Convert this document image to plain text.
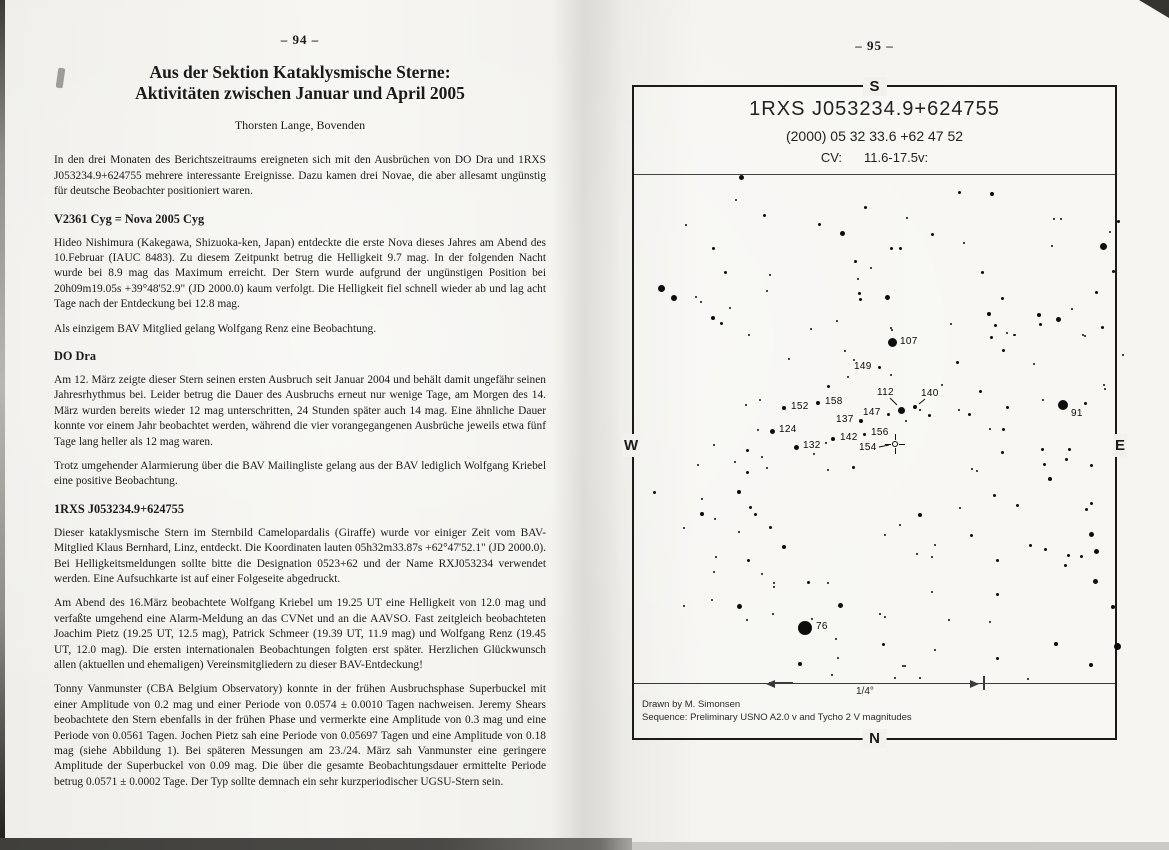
– 94 –
Aus der Sektion Kataklysmische Sterne:
Aktivitäten zwischen Januar und April 2005
Thorsten Lange, Bovenden

In den drei Monaten des Berichtszeitraums ereigneten sich mit den Ausbrüchen von DO Dra und 1RXS J053234.9+624755 mehrere interessante Ereignisse. Dazu kamen drei Novae, die aber allesamt ungünstig für deutsche Beobachter positioniert waren.

V2361 Cyg = Nova 2005 Cyg

Hideo Nishimura (Kakegawa, Shizuoka-ken, Japan) entdeckte die erste Nova dieses Jahres am Abend des 10.Februar (IAUC 8483). Zu diesem Zeitpunkt betrug die Helligkeit 9.7 mag. In der folgenden Nacht wurde bei 8.9 mag das Maximum erreicht. Der Stern wurde aufgrund der ungünstigen Position bei 20h09m19.05s +39°48'52.9" (JD 2000.0) kaum verfolgt. Die Helligkeit fiel schnell wieder ab und lag acht Tage nach der Entdeckung bei 12.8 mag.

Als einzigem BAV Mitglied gelang Wolfgang Renz eine Beobachtung.

DO Dra

Am 12. März zeigte dieser Stern seinen ersten Ausbruch seit Januar 2004 und behält damit ungefähr seinen Jahresrhythmus bei. Leider betrug die Dauer des Ausbruchs erneut nur wenige Tage, am Morgen des 14. März wurden bereits wieder 12 mag unterschritten, 24 Stunden später auch 14 mag. Eine ähnliche Dauer konnte vor einem Jahr beobachtet werden, während die vier vorangegangenen Ausbrüche jeweils etwa fünf Tage lang heller als 12 mag waren.

Trotz umgehender Alarmierung über die BAV Mailingliste gelang aus der BAV lediglich Wolfgang Kriebel eine positive Beobachtung.

1RXS J053234.9+624755

Dieser kataklysmische Stern im Sternbild Camelopardalis (Giraffe) wurde vor einiger Zeit vom BAV-Mitglied Klaus Bernhard, Linz, entdeckt. Die Koordinaten lauten 05h32m33.87s +62°47'52.1" (JD 2000.0). Bei Helligkeitsmeldungen sollte bitte die Designation 0523+62 und der Name RXJ053234 verwendet werden. Eine Aufsuchkarte ist auf einer Folgeseite abgedruckt.

Am Abend des 16.März beobachtete Wolfgang Kriebel um 19.25 UT eine Helligkeit von 12.0 mag und verfaßte umgehend eine Alarm-Meldung an das CVNet und an die AAVSO. Fast zeitgleich beobachteten Joachim Pietz (19.25 UT, 12.5 mag), Patrick Schmeer (19.39 UT, 11.9 mag) und Wolfgang Renz (19.45 UT, 12.0 mag). Die ersten internationalen Beobachtungen folgten erst später. Herzlichen Glückwunsch allen (aktuellen und ehemaligen) Vereinsmitgliedern zu dieser BAV-Entdeckung!

Tonny Vanmunster (CBA Belgium Observatory) konnte in der frühen Ausbruchsphase Superbuckel mit einer Amplitude von 0.2 mag und einer Periode von 0.0574 ± 0.0010 Tagen nachweisen. Jeremy Shears beobachtete den Stern ebenfalls in der frühen Phase und vermerkte eine Amplitude von 0.3 mag und eine Periode von 0.0561 Tagen. Jochen Pietz sah eine Periode von 0.05697 Tagen und eine Amplitude von 0.18 mag (siehe Abbildung 1). Bei späteren Messungen am 23./24. März sah Vanmunster eine geringere Amplitude der Superbuckel von 0.09 mag. Die über die gesamte Beobachtungsdauer ermittelte Periode betrug 0.0571 ± 0.0002 Tage. Der Typ sollte demnach ein sehr kurzperiodischer UGSU-Stern sein.

– 95 –
S
N
W	E
1RXS J053234.9+624755
(2000) 05 32 33.6 +62 47 52
CV: 11.6-17.5v:
107
149
152 158
112	140
147
137
124	156
142
132	154
91
76
1/4°
Drawn by M. Simonsen
Sequence: Preliminary USNO A2.0 v and Tycho 2 V magnitudes
